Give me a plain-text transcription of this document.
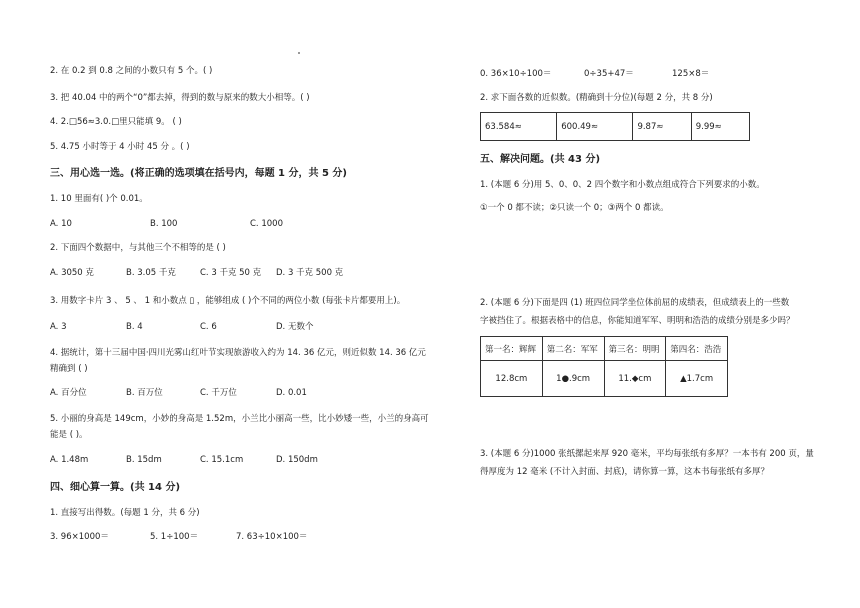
2. 在 0.2 到 0.8 之间的小数只有 5 个。( )
3. 把 40.04 中的两个“0”都去掉，得到的数与原来的数大小相等。( )
4. 2.□56≈3.0.□里只能填 9。 ( )
5. 4.75 小时等于 4 小时 45 分 。( )
三、用心选一选。(将正确的选项填在括号内，每题 1 分，共 5 分)
1. 10 里面有( )个 0.01。
A. 10	B. 100	C. 1000
2. 下面四个数据中，与其他三个不相等的是 ( )
A. 3050 克	B. 3.05 千克	C. 3 千克 50 克 D. 3 千克 500 克
3. 用数字卡片 3 、 5 、 1 和小数点 ▯ ，能够组成 ( )个不同的两位小数 (每张卡片都要用上)。
A. 3	B. 4	C. 6	D. 无数个
4. 据统计，第十三届中国·四川光雾山红叶节实现旅游收入约为 14. 36 亿元，则近似数 14. 36 亿元
精确到 ( )
A. 百分位	B. 百万位	C. 千万位	D. 0.01
5. 小丽的身高是 149cm，小妙的身高是 1.52m，小兰比小丽高一些，比小妙矮一些，小兰的身高可
能是 ( )。
A. 1.48m	B. 15dm	C. 15.1cm	D. 150dm
四、细心算一算。(共 14 分)
1. 直接写出得数。(每题 1 分，共 6 分)
3. 96×1000＝	5. 1÷100＝	7. 63÷10×100＝
0. 36×10÷100＝	0÷35+47＝	125×8＝
2. 求下面各数的近似数。(精确到十分位)(每题 2 分，共 8 分)
63.584≈	600.49≈	9.87≈	9.99≈
五、解决问题。(共 43 分)
1. (本题 6 分)用 5、0、0、2 四个数字和小数点组成符合下列要求的小数。
①一个 0 都不读；②只读一个 0；③两个 0 都读。
2. (本题 6 分)下面是四 (1) 班四位同学坐位体前屈的成绩表，但成绩表上的一些数
字被挡住了。根据表格中的信息，你能知道军军、明明和浩浩的成绩分别是多少吗？
第一名：辉辉	第二名：军军	第三名：明明	第四名：浩浩
12.8cm	1●.9cm	11.◆cm	▲1.7cm
3. (本题 6 分)1000 张纸摞起来厚 920 毫米，平均每张纸有多厚？一本书有 200 页，量
得厚度为 12 毫米 (不计入封面、封底)，请你算一算，这本书每张纸有多厚？
